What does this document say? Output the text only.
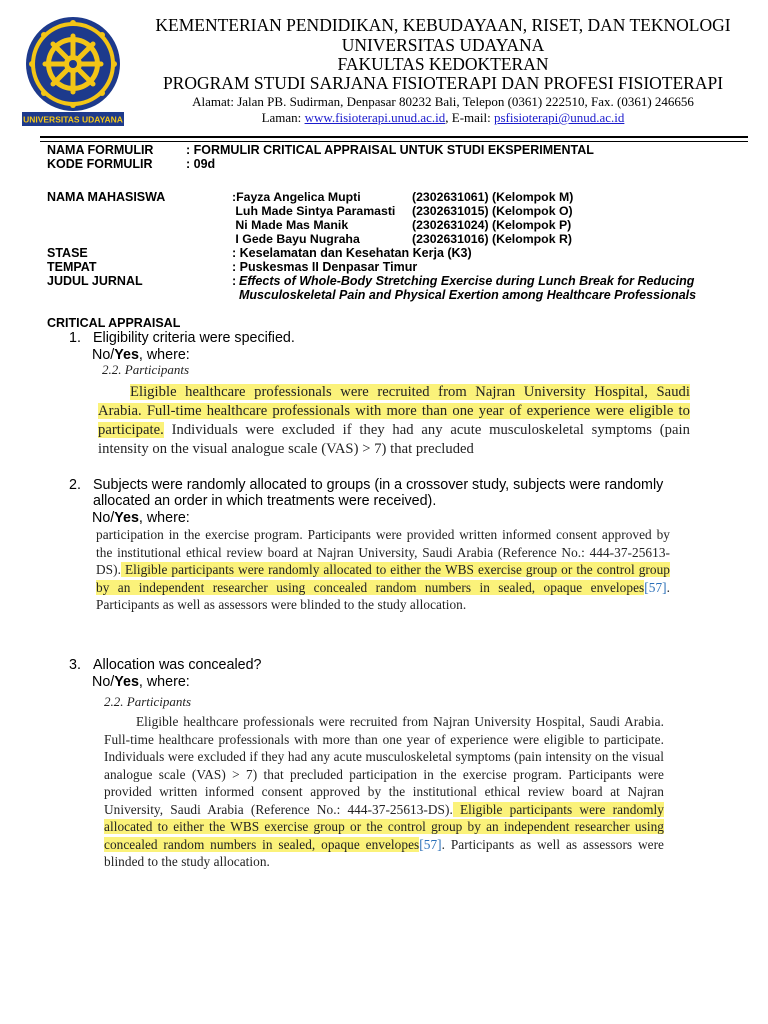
UNIVERSITAS UDAYANA
KEMENTERIAN PENDIDIKAN, KEBUDAYAAN, RISET, DAN TEKNOLOGI
UNIVERSITAS UDAYANA
FAKULTAS KEDOKTERAN
PROGRAM STUDI SARJANA FISIOTERAPI DAN PROFESI FISIOTERAPI
Alamat: Jalan PB. Sudirman, Denpasar 80232 Bali, Telepon (0361) 222510, Fax. (0361) 246656
Laman: www.fisioterapi.unud.ac.id, E-mail: psfisioterapi@unud.ac.id
NAMA FORMULIR	: FORMULIR CRITICAL APPRAISAL UNTUK STUDI EKSPERIMENTAL
KODE FORMULIR	: 09d
NAMA MAHASISWA	:Fayza Angelica Mupti	(2302631061) (Kelompok M)
Luh Made Sintya Paramasti	(2302631015) (Kelompok O)
Ni Made Mas Manik	(2302631024) (Kelompok P)
I Gede Bayu Nugraha	(2302631016) (Kelompok R)
STASE	: Keselamatan dan Kesehatan Kerja (K3)
TEMPAT	: Puskesmas II Denpasar Timur
JUDUL JURNAL	: Effects of Whole-Body Stretching Exercise during Lunch Break for Reducing
Musculoskeletal Pain and Physical Exertion among Healthcare Professionals
CRITICAL APPRAISAL
1. Eligibility criteria were specified.
No/Yes, where:
2.2. Participants
Eligible healthcare professionals were recruited from Najran University Hospital, Saudi Arabia. Full-time healthcare professionals with more than one year of experience were eligible to participate. Individuals were excluded if they had any acute musculoskeletal symptoms (pain intensity on the visual analogue scale (VAS) > 7) that precluded
2. Subjects were randomly allocated to groups (in a crossover study, subjects were randomly allocated an order in which treatments were received).
No/Yes, where:
participation in the exercise program. Participants were provided written informed consent approved by the institutional ethical review board at Najran University, Saudi Arabia (Reference No.: 444-37-25613-DS). Eligible participants were randomly allocated to either the WBS exercise group or the control group by an independent researcher using concealed random numbers in sealed, opaque envelopes[57]. Participants as well as assessors were blinded to the study allocation.
3. Allocation was concealed?
No/Yes, where:
2.2. Participants
Eligible healthcare professionals were recruited from Najran University Hospital, Saudi Arabia. Full-time healthcare professionals with more than one year of experience were eligible to participate. Individuals were excluded if they had any acute musculoskeletal symptoms (pain intensity on the visual analogue scale (VAS) > 7) that precluded participation in the exercise program. Participants were provided written informed consent approved by the institutional ethical review board at Najran University, Saudi Arabia (Reference No.: 444-37-25613-DS). Eligible participants were randomly allocated to either the WBS exercise group or the control group by an independent researcher using concealed random numbers in sealed, opaque envelopes[57]. Participants as well as assessors were blinded to the study allocation.
